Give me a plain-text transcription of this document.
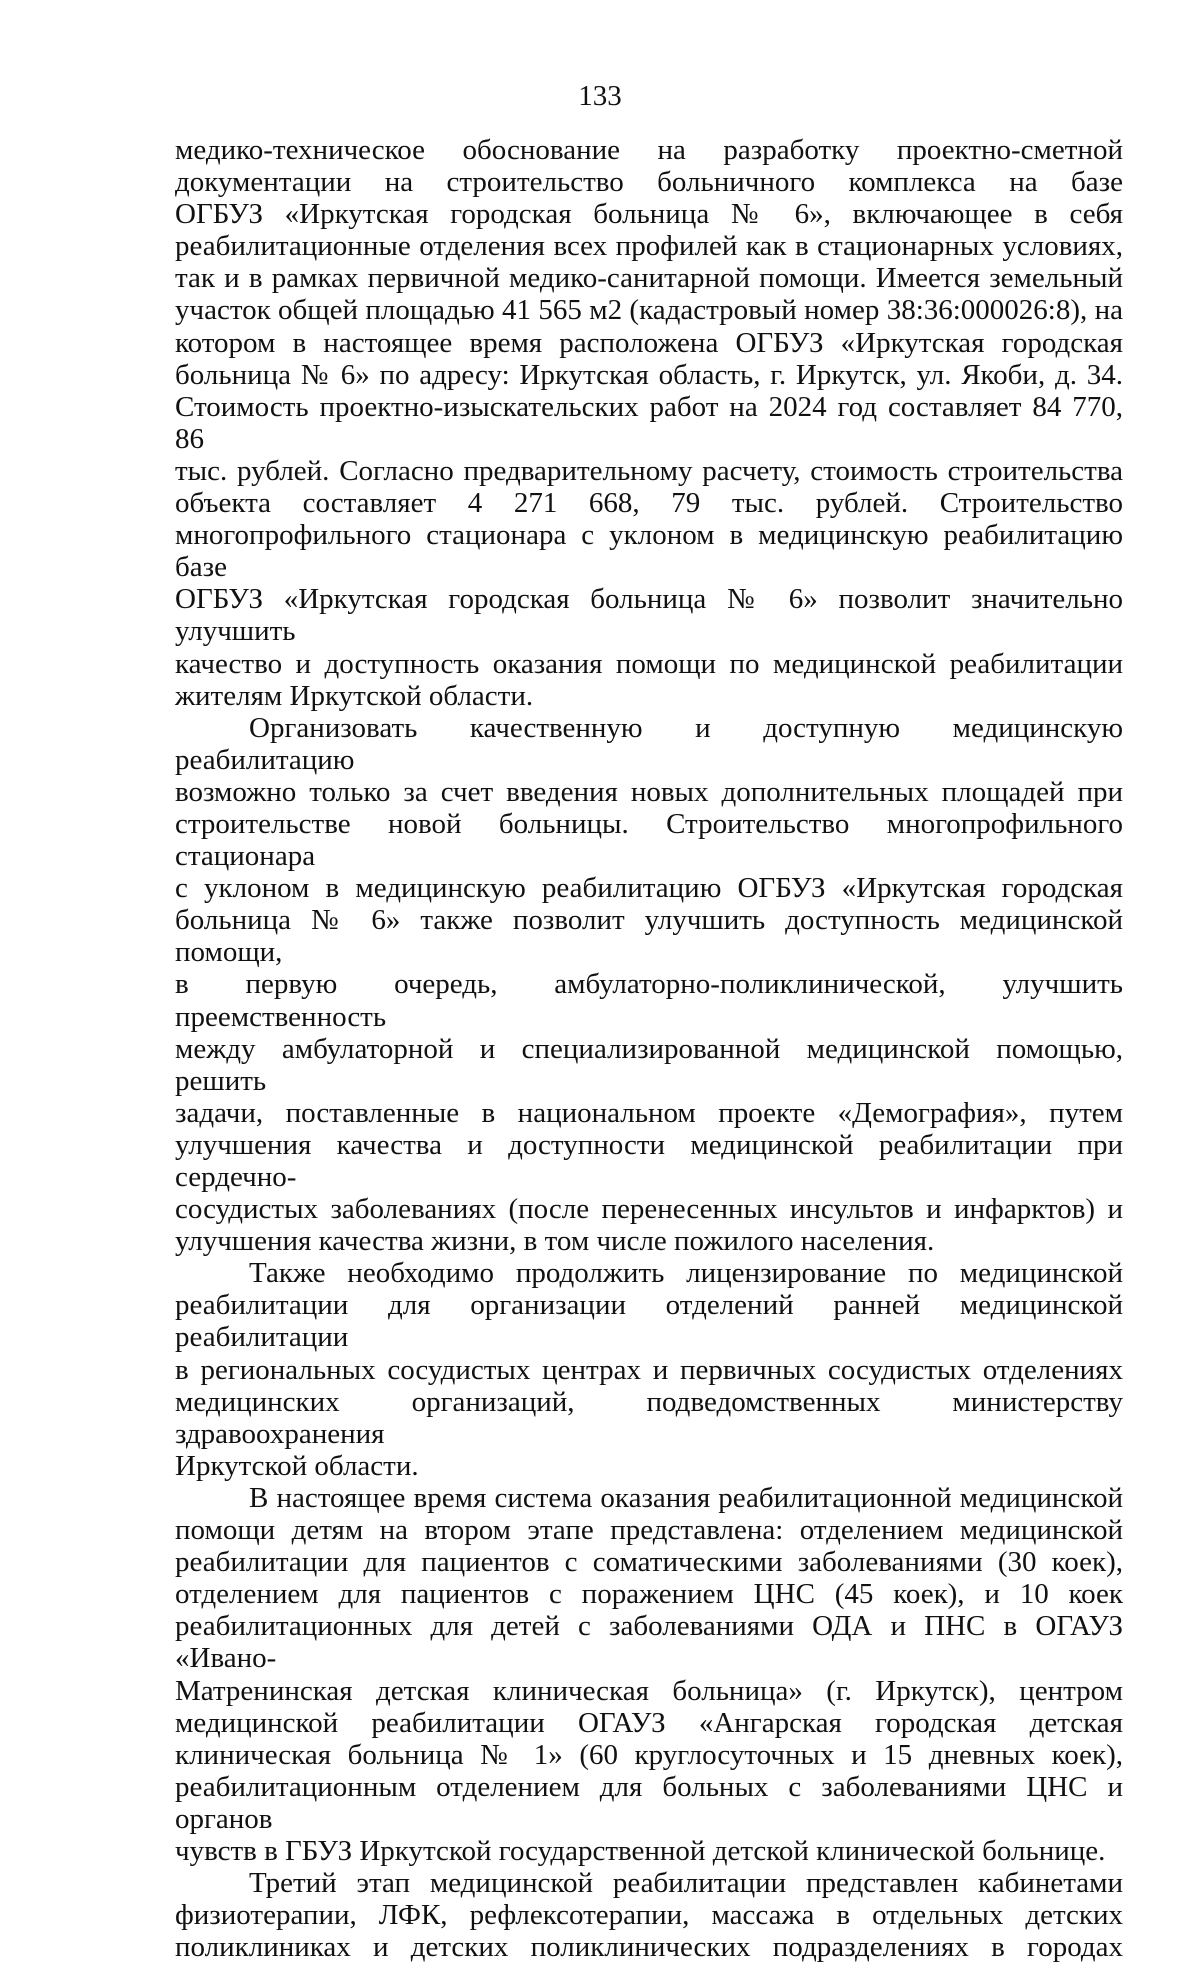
133

медико-техническое обоснование на разработку проектно-сметной
документации на строительство больничного комплекса на базе
ОГБУЗ «Иркутская городская больница № 6», включающее в себя
реабилитационные отделения всех профилей как в стационарных условиях,
так и в рамках первичной медико-санитарной помощи. Имеется земельный
участок общей площадью 41 565 м2 (кадастровый номер 38:36:000026:8), на
котором в настоящее время расположена ОГБУЗ «Иркутская городская
больница № 6» по адресу: Иркутская область, г. Иркутск, ул. Якоби, д. 34.
Стоимость проектно-изыскательских работ на 2024 год составляет 84 770, 86
тыс. рублей. Согласно предварительному расчету, стоимость строительства
объекта составляет 4 271 668, 79 тыс. рублей. Строительство
многопрофильного стационара с уклоном в медицинскую реабилитацию базе
ОГБУЗ «Иркутская городская больница № 6» позволит значительно улучшить
качество и доступность оказания помощи по медицинской реабилитации
жителям Иркутской области.

Организовать качественную и доступную медицинскую реабилитацию
возможно только за счет введения новых дополнительных площадей при
строительстве новой больницы. Строительство многопрофильного стационара
с уклоном в медицинскую реабилитацию ОГБУЗ «Иркутская городская
больница № 6» также позволит улучшить доступность медицинской помощи,
в первую очередь, амбулаторно-поликлинической, улучшить преемственность
между амбулаторной и специализированной медицинской помощью, решить
задачи, поставленные в национальном проекте «Демография», путем
улучшения качества и доступности медицинской реабилитации при сердечно-
сосудистых заболеваниях (после перенесенных инсультов и инфарктов) и
улучшения качества жизни, в том числе пожилого населения.

Также необходимо продолжить лицензирование по медицинской
реабилитации для организации отделений ранней медицинской реабилитации
в региональных сосудистых центрах и первичных сосудистых отделениях
медицинских организаций, подведомственных министерству здравоохранения
Иркутской области.

В настоящее время система оказания реабилитационной медицинской
помощи детям на втором этапе представлена: отделением медицинской
реабилитации для пациентов с соматическими заболеваниями (30 коек),
отделением для пациентов с поражением ЦНС (45 коек), и 10 коек
реабилитационных для детей с заболеваниями ОДА и ПНС в ОГАУЗ «Ивано-
Матренинская детская клиническая больница» (г. Иркутск), центром
медицинской реабилитации ОГАУЗ «Ангарская городская детская
клиническая больница № 1» (60 круглосуточных и 15 дневных коек),
реабилитационным отделением для больных с заболеваниями ЦНС и органов
чувств в ГБУЗ Иркутской государственной детской клинической больнице.

Третий этап медицинской реабилитации представлен кабинетами
физиотерапии, ЛФК, рефлексотерапии, массажа в отдельных детских
поликлиниках и детских поликлинических подразделениях в городах
